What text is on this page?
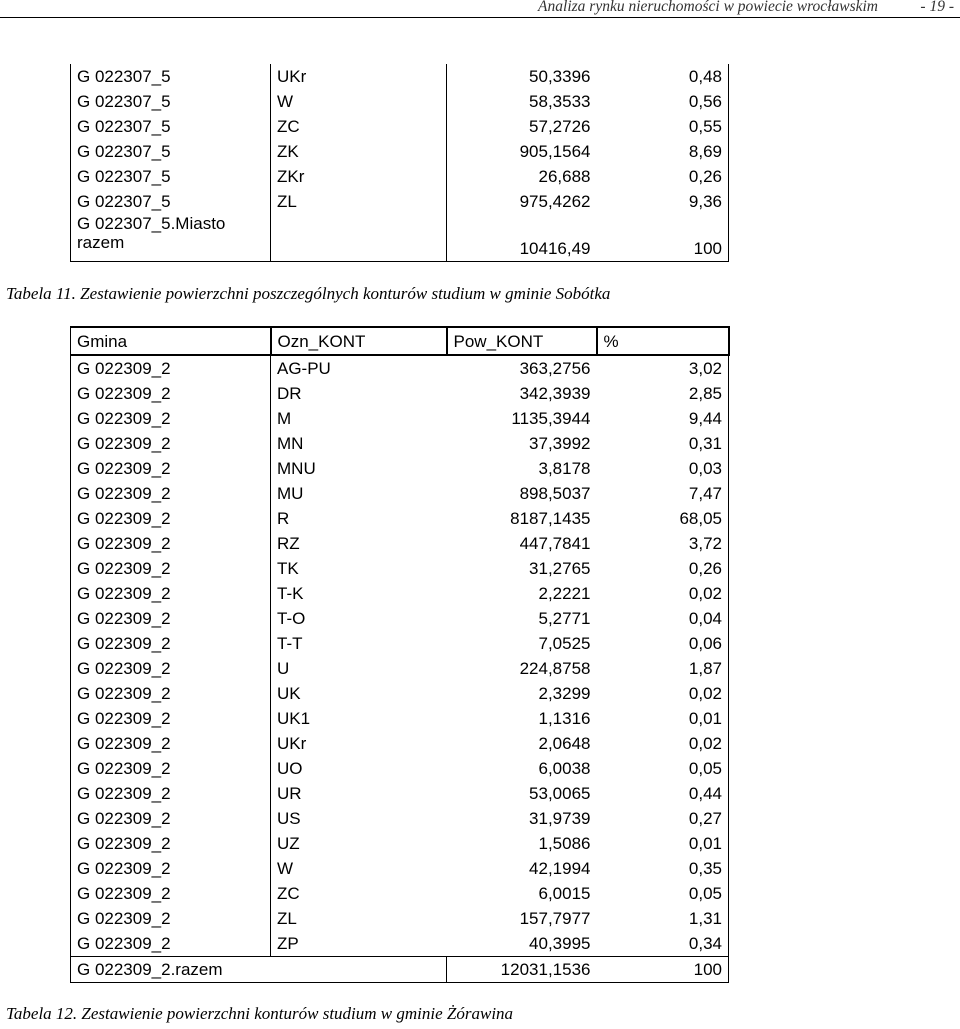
Analiza rynku nieruchomości w powiecie wrocławskim	- 19 -
G 022307_5	UKr	50,3396	0,48
G 022307_5	W	58,3533	0,56
G 022307_5	ZC	57,2726	0,55
G 022307_5	ZK	905,1564	8,69
G 022307_5	ZKr	26,688	0,26
G 022307_5	ZL	975,4262	9,36

G 022307_5.Miasto
razem		10416,49	100
Tabela 11. Zestawienie powierzchni poszczególnych konturów studium w gminie Sobótka
Gmina	Ozn_KONT	Pow_KONT	%
G 022309_2	AG-PU	363,2756	3,02
G 022309_2	DR	342,3939	2,85
G 022309_2	M	1135,3944	9,44
G 022309_2	MN	37,3992	0,31
G 022309_2	MNU	3,8178	0,03
G 022309_2	MU	898,5037	7,47
G 022309_2	R	8187,1435	68,05
G 022309_2	RZ	447,7841	3,72
G 022309_2	TK	31,2765	0,26
G 022309_2	T-K	2,2221	0,02
G 022309_2	T-O	5,2771	0,04
G 022309_2	T-T	7,0525	0,06
G 022309_2	U	224,8758	1,87
G 022309_2	UK	2,3299	0,02
G 022309_2	UK1	1,1316	0,01
G 022309_2	UKr	2,0648	0,02
G 022309_2	UO	6,0038	0,05
G 022309_2	UR	53,0065	0,44
G 022309_2	US	31,9739	0,27
G 022309_2	UZ	1,5086	0,01
G 022309_2	W	42,1994	0,35
G 022309_2	ZC	6,0015	0,05
G 022309_2	ZL	157,7977	1,31
G 022309_2	ZP	40,3995	0,34
G 022309_2.razem		12031,1536	100
Tabela 12. Zestawienie powierzchni konturów studium w gminie Żórawina
